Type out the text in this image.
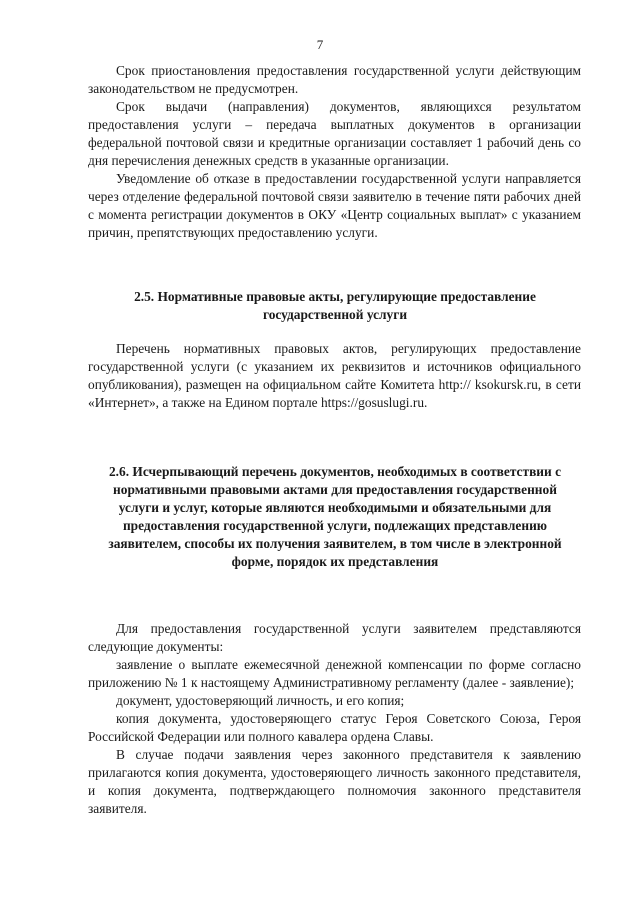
7

Срок приостановления предоставления государственной услуги действующим законодательством не предусмотрен.

Срок выдачи (направления) документов, являющихся результатом предоставления услуги – передача выплатных документов в организации федеральной почтовой связи и кредитные организации составляет 1 рабочий день со дня перечисления денежных средств в указанные организации.

Уведомление об отказе в предоставлении государственной услуги направляется через отделение федеральной почтовой связи заявителю в течение пяти рабочих дней с момента регистрации документов в ОКУ «Центр социальных выплат» с указанием причин, препятствующих предоставлению услуги.

2.5. Нормативные правовые акты, регулирующие предоставление государственной услуги

Перечень нормативных правовых актов, регулирующих предоставление государственной услуги (с указанием их реквизитов и источников официального опубликования), размещен на официальном сайте Комитета http:// ksokursk.ru, в сети «Интернет», а также на Едином портале https://gosuslugi.ru.

2.6. Исчерпывающий перечень документов, необходимых в соответствии с нормативными правовыми актами для предоставления государственной услуги и услуг, которые являются необходимыми и обязательными для предоставления государственной услуги, подлежащих представлению заявителем, способы их получения заявителем, в том числе в электронной форме, порядок их представления

Для предоставления государственной услуги заявителем представляются следующие документы:

заявление о выплате ежемесячной денежной компенсации по форме согласно приложению № 1 к настоящему Административному регламенту (далее - заявление);

документ, удостоверяющий личность, и его копия;

копия документа, удостоверяющего статус Героя Советского Союза, Героя Российской Федерации или полного кавалера ордена Славы.

В случае подачи заявления через законного представителя к заявлению прилагаются копия документа, удостоверяющего личность законного представителя, и копия документа, подтверждающего полномочия законного представителя заявителя.
